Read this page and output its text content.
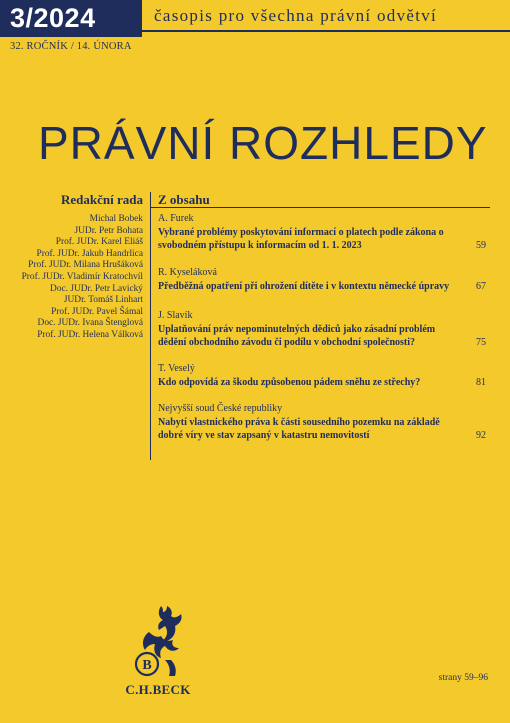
3/2024	časopis pro všechna právní odvětví
32. ROČNÍK / 14. ÚNORA
PRÁVNÍ ROZHLEDY
Redakční rada
Michal Bobek
JUDr. Petr Bohata
Prof. JUDr. Karel Eliáš
Prof. JUDr. Jakub Handrlica
Prof. JUDr. Milana Hrušáková
Prof. JUDr. Vladimír Kratochvíl
Doc. JUDr. Petr Lavický
JUDr. Tomáš Linhart
Prof. JUDr. Pavel Šámal
Doc. JUDr. Ivana Štenglová
Prof. JUDr. Helena Válková
Z obsahu
A. Furek
Vybrané problémy poskytování informací o platech podle zákona o svobodném přístupu k informacím od 1. 1. 2023	59
R. Kyseláková
Předběžná opatření při ohrožení dítěte i v kontextu německé úpravy	67
J. Slavík
Uplatňování práv nepominutelných dědiců jako zásadní problém dědění obchodního závodu či podílu v obchodní společnosti?	75
T. Veselý
Kdo odpovídá za škodu způsobenou pádem sněhu ze střechy?	81
Nejvyšší soud České republiky
Nabytí vlastnického práva k části sousedního pozemku na základě dobré víry ve stav zapsaný v katastru nemovitostí	92
B
C.H.BECK
strany 59–96
